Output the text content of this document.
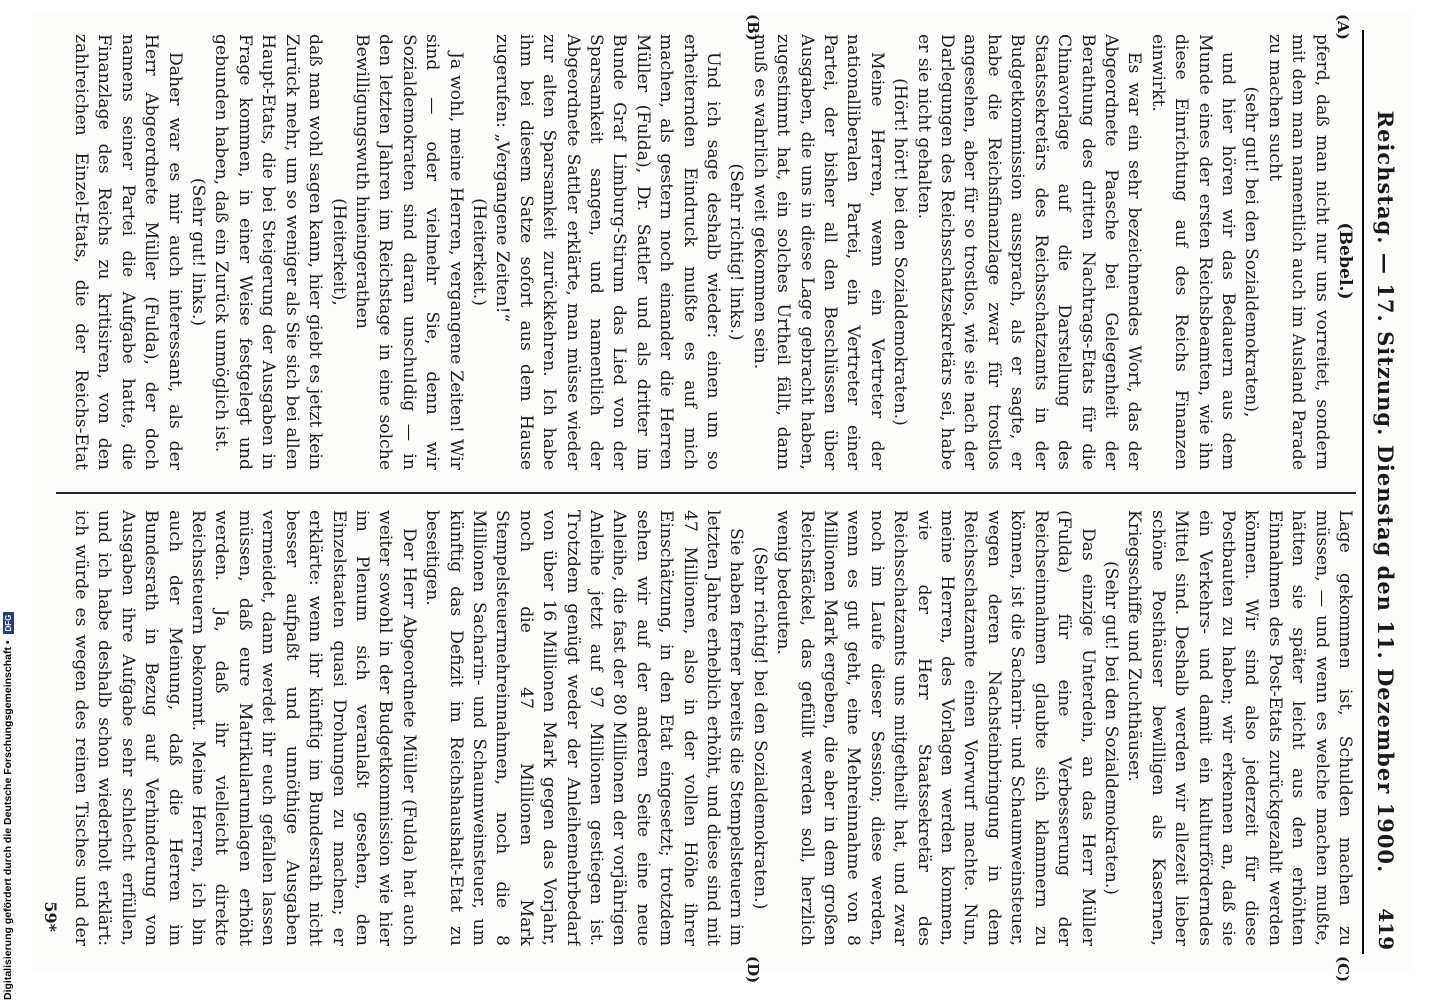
Reichstag. — 17. Sitzung. Dienstag den 11. Dezember 1900.
419
(A)
(B)
(C)
(D)

(Bebel.)

pferd, daß man nicht nur uns vorreitet, sondern mit dem man namentlich auch im Ausland Parade zu machen sucht

(sehr gut! bei den Sozialdemokraten),

und hier hören wir das Bedauern aus dem Munde eines der ersten Reichsbeamten, wie ihn diese Einrichtung auf des Reichs Finanzen einwirkt.

Es war ein sehr bezeichnendes Wort, das der Abgeordnete Paasche bei Gelegenheit der Berathung des dritten Nachtrags-Etats für die Chinavorlage auf die Darstellung des Staatssekretärs des Reichsschatzamts in der Budgetkommission aussprach, als er sagte, er habe die Reichsfinanzlage zwar für trostlos angesehen, aber für so trostlos, wie sie nach der Darlegungen des Reichsschatzsekretärs sei, habe er sie nicht gehalten.

(Hört! hört! bei den Sozialdemokraten.)

Meine Herren, wenn ein Vertreter der nationalliberalen Partei, ein Vertreter einer Partei, der bisher all den Beschlüssen über Ausgaben, die uns in diese Lage gebracht haben, zugestimmt hat, ein solches Urtheil fällt, dann muß es wahrlich weit gekommen sein.

(Sehr richtig! links.)

Und ich sage deshalb wieder: einen um so erheiternden Eindruck mußte es auf mich machen, als gestern noch einander die Herren Müller (Fulda), Dr. Sattler und als dritter im Bunde Graf Limburg-Stirum das Lied von der Sparsamkeit sangen, und namentlich der Abgeordnete Sattler erklärte, man müsse wieder zur alten Sparsamkeit zurückkehren. Ich habe ihm bei diesem Satze sofort aus dem Hause zugerufen: „Vergangene Zeiten!“

(Heiterkeit.)

Ja wohl, meine Herren, vergangene Zeiten! Wir sind — oder vielmehr Sie, denn wir Sozialdemokraten sind daran unschuldig — in den letzten Jahren im Reichstage in eine solche Bewilligungswuth hineingerathen

(Heiterkeit),

daß man wohl sagen kann, hier giebt es jetzt kein Zurück mehr, um so weniger als Sie sich bei allen Haupt-Etats, die bei Steigerung der Ausgaben in Frage kommen, in einer Weise festgelegt und gebunden haben, daß ein Zurück unmöglich ist.

(Sehr gut! links.)

Daher war es mir auch interessant, als der Herr Abgeordnete Müller (Fulda), der doch namens seiner Partei die Aufgabe hatte, die Finanzlage des Reichs zu kritisiren, von den zahlreichen Einzel-Etats, die der Reichs-Etat

Lage gekommen ist, Schulden machen zu müssen, — und wenn es welche machen mußte, hätten sie später leicht aus den erhöhten Einnahmen des Post-Etats zurückgezahlt werden können. Wir sind also jederzeit für diese Postbauten zu haben; wir erkennen an, daß sie ein Verkehrs- und damit ein kulturförderndes Mittel sind. Deshalb werden wir allezeit lieber schöne Posthäuser bewilligen als Kasernen, Kriegsschiffe und Zuchthäuser.

(Sehr gut! bei den Sozialdemokraten.)

Das einzige Unterdein, an das Herr Müller (Fulda) für eine Verbesserung der Reichseinnahmen glaubte sich klammern zu können, ist die Sacharin- und Schaumweinsteuer, wegen deren Nachsteinbringung in dem Reichsschatzamte einen Vorwurf machte. Nun, meine Herren, des Vorlagen werden kommen, wie der Herr Staatssekretär des Reichsschatzamts uns mitgetheilt hat, und zwar noch im Laufe dieser Session; diese werden, wenn es gut geht, eine Mehreinnahme von 8 Millionen Mark ergeben, die aber in dem großen Reichsfäckel, das gefüllt werden soll, herzlich wenig bedeuten.

(Sehr richtig! bei den Sozialdemokraten.)

Sie haben ferner bereits die Stempelsteuern im letzten Jahre erheblich erhöht, und diese sind mit 47 Millionen, also in der vollen Höhe ihrer Einschätzung, in den Etat eingesetzt; trotzdem sehen wir auf der anderen Seite eine neue Anleihe, die fast der 80 Millionen der vorjährigen Anleihe jetzt auf 97 Millionen gestiegen ist. Trotzdem genügt weder der Anleihemehrbedarf von über 16 Millionen Mark gegen das Vorjahr, noch die 47 Millionen Mark Stempelsteuermehreinnahmen, noch die 8 Millionen Sacharin- und Schaumweinsteuer, um künftig das Defizit im Reichshaushalt-Etat zu beseitigen.

Der Herr Abgeordnete Müller (Fulda) hat auch weiter sowohl in der Budgetkommission wie hier im Plenum sich veranlaßt gesehen, den Einzelstaaten quasi Drohungen zu machen; er erklärte: wenn ihr künftig im Bundesrath nicht besser aufpaßt und unnöthige Ausgaben vermeidet, dann werdet ihr euch gefallen lassen müssen, daß eure Matrikularumlagen erhöht werden. Ja, daß ihr vielleicht direkte Reichssteuern bekommt. Meine Herren, ich bin auch der Meinung, daß die Herren im Bundesrath in Bezug auf Verhinderung von Ausgaben ihre Aufgabe sehr schlecht erfüllen, und ich habe deshalb schon wiederholt erklärt: ich würde es wegen des reinen Tisches und der

59*
Digitalisierung gefördert durch die Deutsche Forschungsgemeinschaft • DFG
